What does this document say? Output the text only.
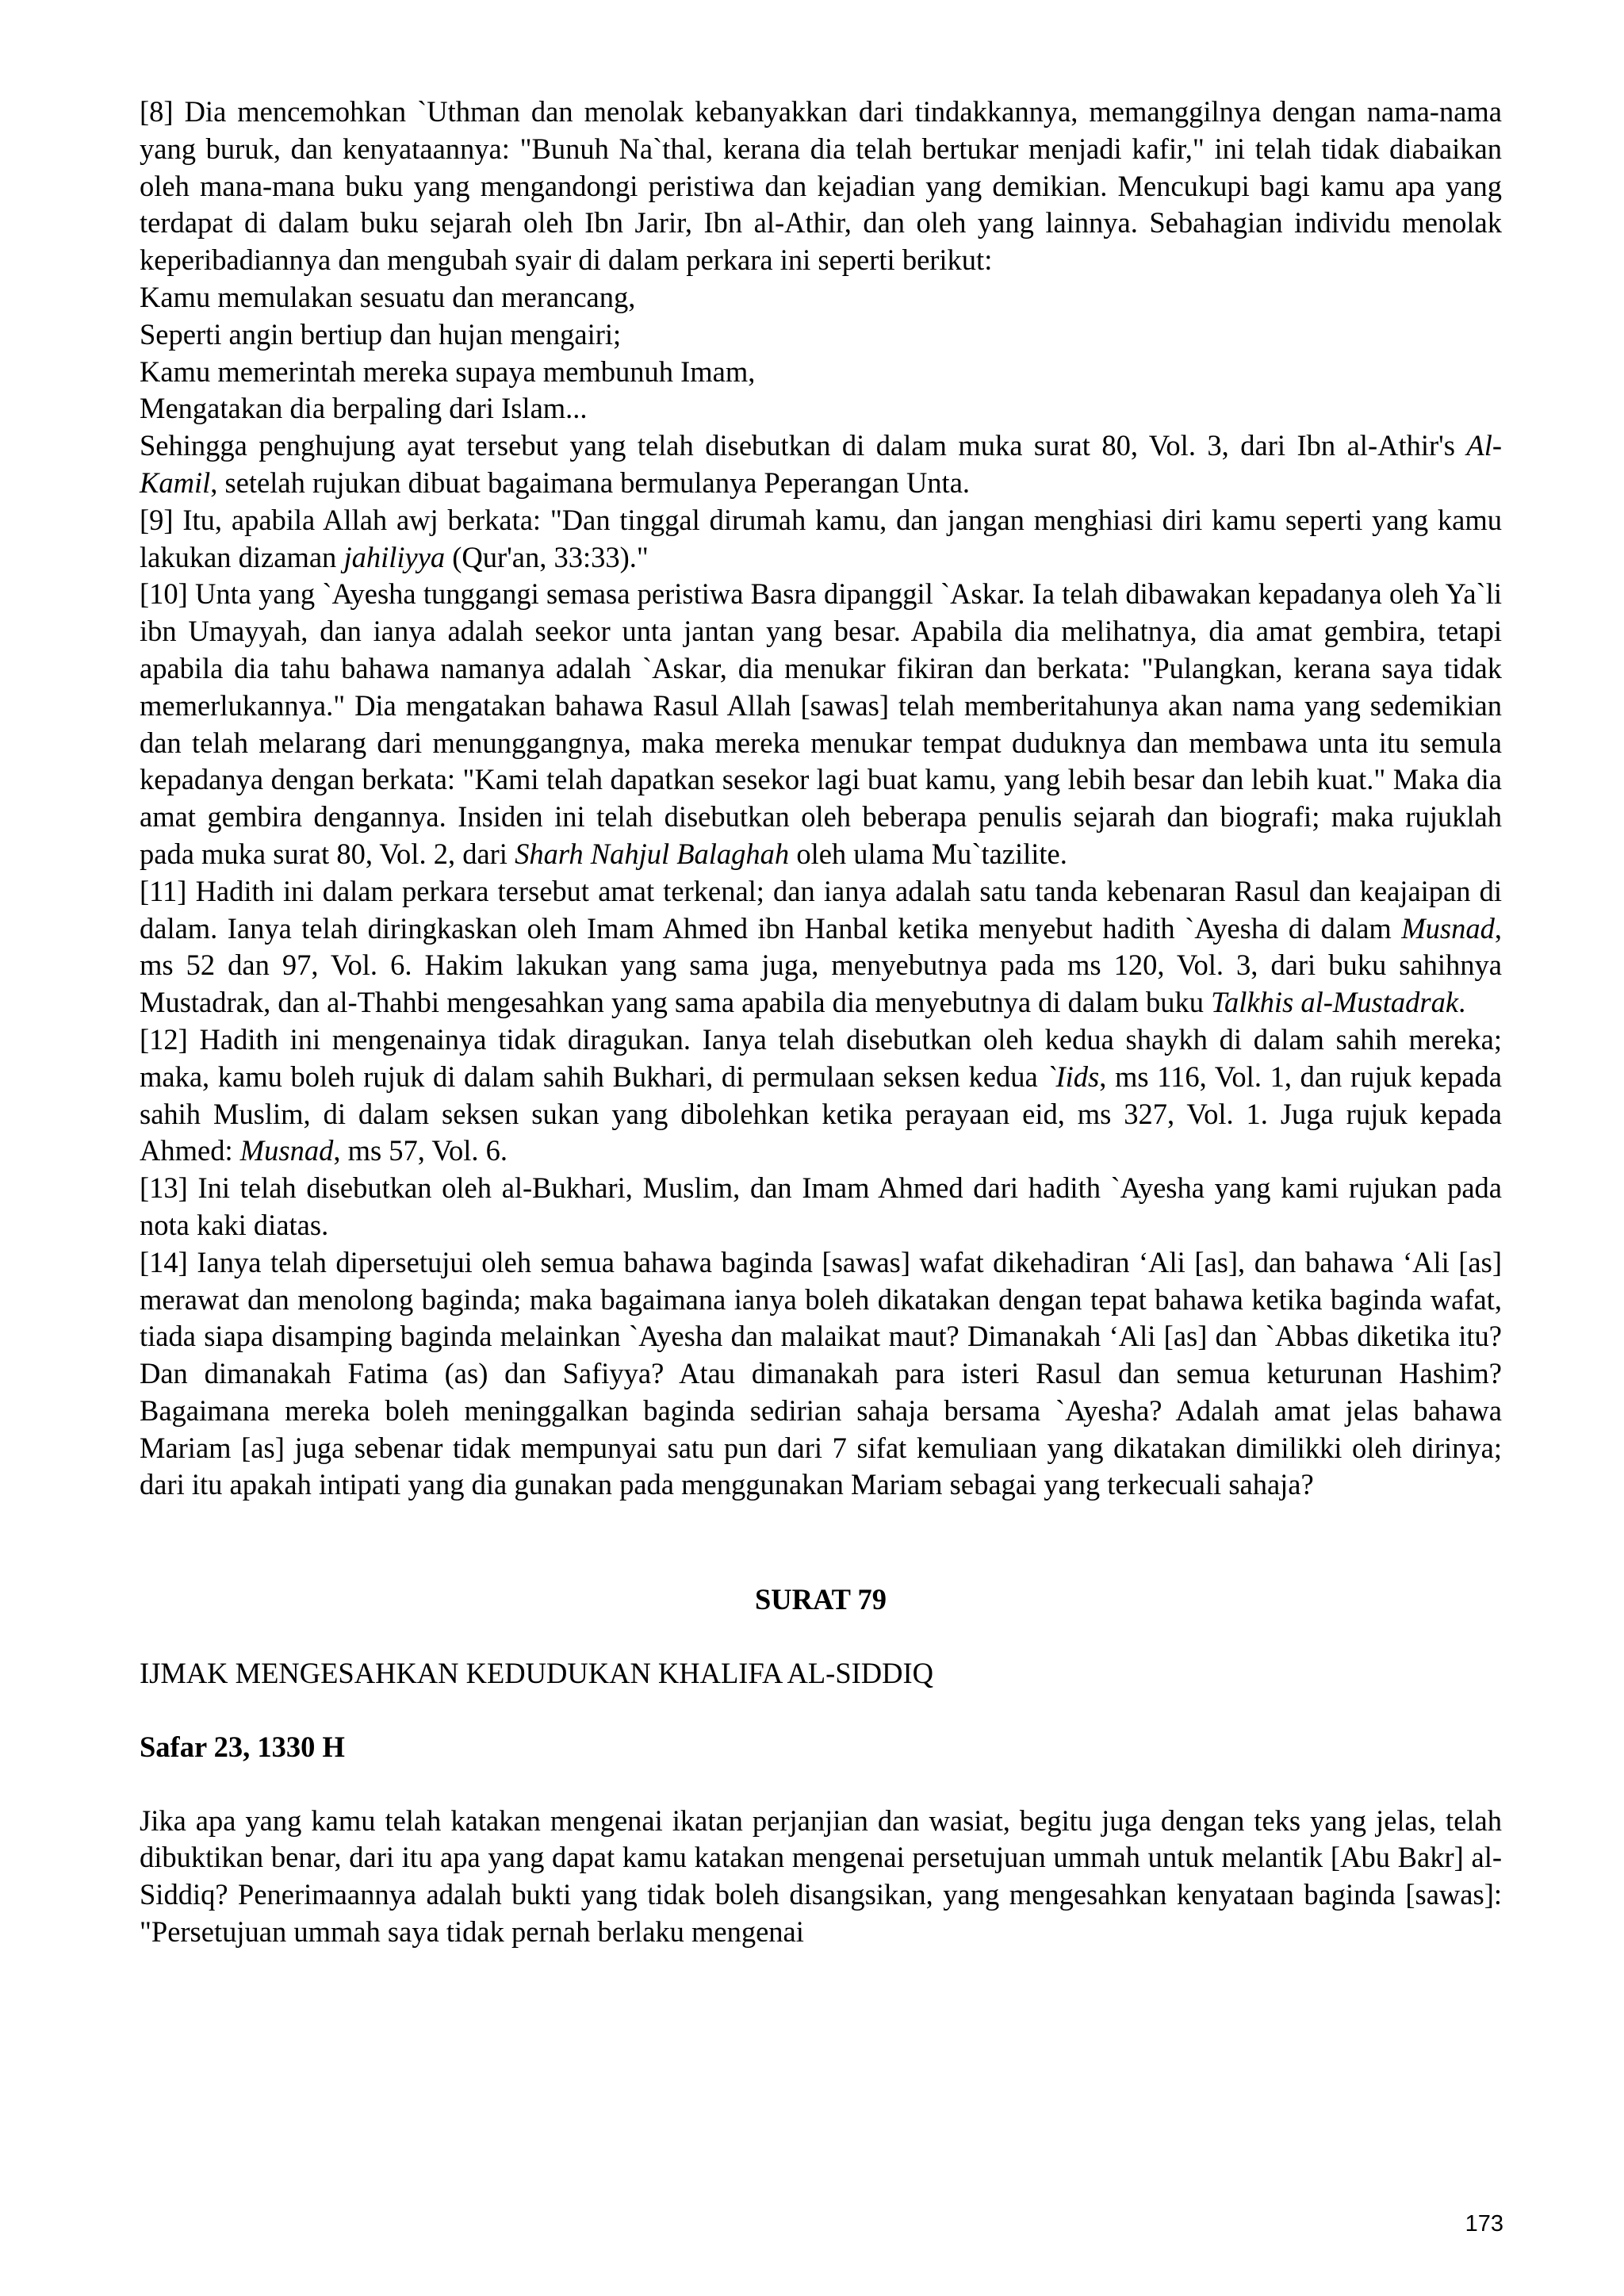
[8] Dia mencemohkan `Uthman dan menolak kebanyakkan dari tindakkannya, memanggilnya dengan nama-nama yang buruk, dan kenyataannya: "Bunuh Na`thal, kerana dia telah bertukar menjadi kafir," ini telah tidak diabaikan oleh mana-mana buku yang mengandongi peristiwa dan kejadian yang demikian. Mencukupi bagi kamu apa yang terdapat di dalam buku sejarah oleh Ibn Jarir, Ibn al-Athir, dan oleh yang lainnya. Sebahagian individu menolak keperibadiannya dan mengubah syair di dalam perkara ini seperti berikut:

Kamu memulakan sesuatu dan merancang,

Seperti angin bertiup dan hujan mengairi;

Kamu memerintah mereka supaya membunuh Imam,

Mengatakan dia berpaling dari Islam...

Sehingga penghujung ayat tersebut yang telah disebutkan di dalam muka surat 80, Vol. 3, dari Ibn al-Athir's Al-Kamil, setelah rujukan dibuat bagaimana bermulanya Peperangan Unta.

[9] Itu, apabila Allah awj berkata: "Dan tinggal dirumah kamu, dan jangan menghiasi diri kamu seperti yang kamu lakukan dizaman jahiliyya (Qur'an, 33:33)."

[10] Unta yang `Ayesha tunggangi semasa peristiwa Basra dipanggil `Askar. Ia telah dibawakan kepadanya oleh Ya`li ibn Umayyah, dan ianya adalah seekor unta jantan yang besar. Apabila dia melihatnya, dia amat gembira, tetapi apabila dia tahu bahawa namanya adalah `Askar, dia menukar fikiran dan berkata: "Pulangkan, kerana saya tidak memerlukannya." Dia mengatakan bahawa Rasul Allah [sawas] telah memberitahunya akan nama yang sedemikian dan telah melarang dari menunggangnya, maka mereka menukar tempat duduknya dan membawa unta itu semula kepadanya dengan berkata: "Kami telah dapatkan sesekor lagi buat kamu, yang lebih besar dan lebih kuat." Maka dia amat gembira dengannya. Insiden ini telah disebutkan oleh beberapa penulis sejarah dan biografi; maka rujuklah pada muka surat 80, Vol. 2, dari Sharh Nahjul Balaghah oleh ulama Mu`tazilite.

[11] Hadith ini dalam perkara tersebut amat terkenal; dan ianya adalah satu tanda kebenaran Rasul dan keajaipan di dalam. Ianya telah diringkaskan oleh Imam Ahmed ibn Hanbal ketika menyebut hadith `Ayesha di dalam Musnad, ms 52 dan 97, Vol. 6. Hakim lakukan yang sama juga, menyebutnya pada ms 120, Vol. 3, dari buku sahihnya Mustadrak, dan al-Thahbi mengesahkan yang sama apabila dia menyebutnya di dalam buku Talkhis al-Mustadrak.

[12] Hadith ini mengenainya tidak diragukan. Ianya telah disebutkan oleh kedua shaykh di dalam sahih mereka; maka, kamu boleh rujuk di dalam sahih Bukhari, di permulaan seksen kedua `Iids, ms 116, Vol. 1, dan rujuk kepada sahih Muslim, di dalam seksen sukan yang dibolehkan ketika perayaan eid, ms 327, Vol. 1. Juga rujuk kepada Ahmed: Musnad, ms 57, Vol. 6.

[13] Ini telah disebutkan oleh al-Bukhari, Muslim, dan Imam Ahmed dari hadith `Ayesha yang kami rujukan pada nota kaki diatas.

[14] Ianya telah dipersetujui oleh semua bahawa baginda [sawas] wafat dikehadiran ‘Ali [as], dan bahawa ‘Ali [as] merawat dan menolong baginda; maka bagaimana ianya boleh dikatakan dengan tepat bahawa ketika baginda wafat, tiada siapa disamping baginda melainkan `Ayesha dan malaikat maut? Dimanakah ‘Ali [as] dan `Abbas diketika itu? Dan dimanakah Fatima (as) dan Safiyya? Atau dimanakah para isteri Rasul dan semua keturunan Hashim? Bagaimana mereka boleh meninggalkan baginda sedirian sahaja bersama `Ayesha? Adalah amat jelas bahawa Mariam [as] juga sebenar tidak mempunyai satu pun dari 7 sifat kemuliaan yang dikatakan dimilikki oleh dirinya; dari itu apakah intipati yang dia gunakan pada menggunakan Mariam sebagai yang terkecuali sahaja?

SURAT 79

IJMAK MENGESAHKAN KEDUDUKAN KHALIFA AL-SIDDIQ

Safar 23, 1330 H

Jika apa yang kamu telah katakan mengenai ikatan perjanjian dan wasiat, begitu juga dengan teks yang jelas, telah dibuktikan benar, dari itu apa yang dapat kamu katakan mengenai persetujuan ummah untuk melantik [Abu Bakr] al-Siddiq? Penerimaannya adalah bukti yang tidak boleh disangsikan, yang mengesahkan kenyataan baginda [sawas]: "Persetujuan ummah saya tidak pernah berlaku mengenai

173
